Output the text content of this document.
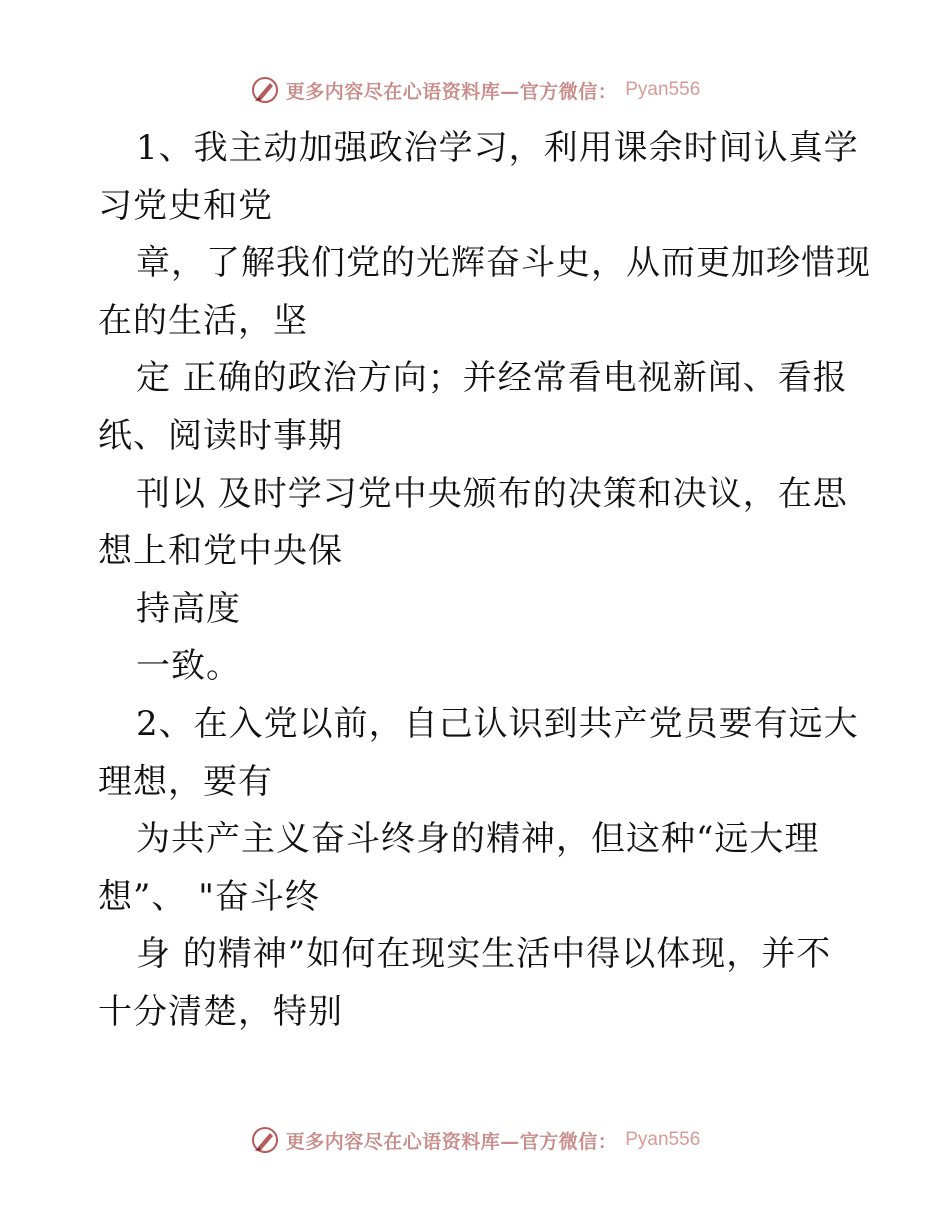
更多内容尽在心语资料库—官方微信： Pyan556
1、我主动加强政治学习，利用课余时间认真学
习党史和党
章，了解我们党的光辉奋斗史，从而更加珍惜现
在的生活，坚
定 正确的政治方向；并经常看电视新闻、看报
纸、阅读时事期
刊以 及时学习党中央颁布的决策和决议，在思
想上和党中央保
持高度
一致。
2、在入党以前，自己认识到共产党员要有远大
理想，要有
为共产主义奋斗终身的精神，但这种“远大理
想”、 "奋斗终
身 的精神”如何在现实生活中得以体现，并不
十分清楚，特别
更多内容尽在心语资料库—官方微信： Pyan556
